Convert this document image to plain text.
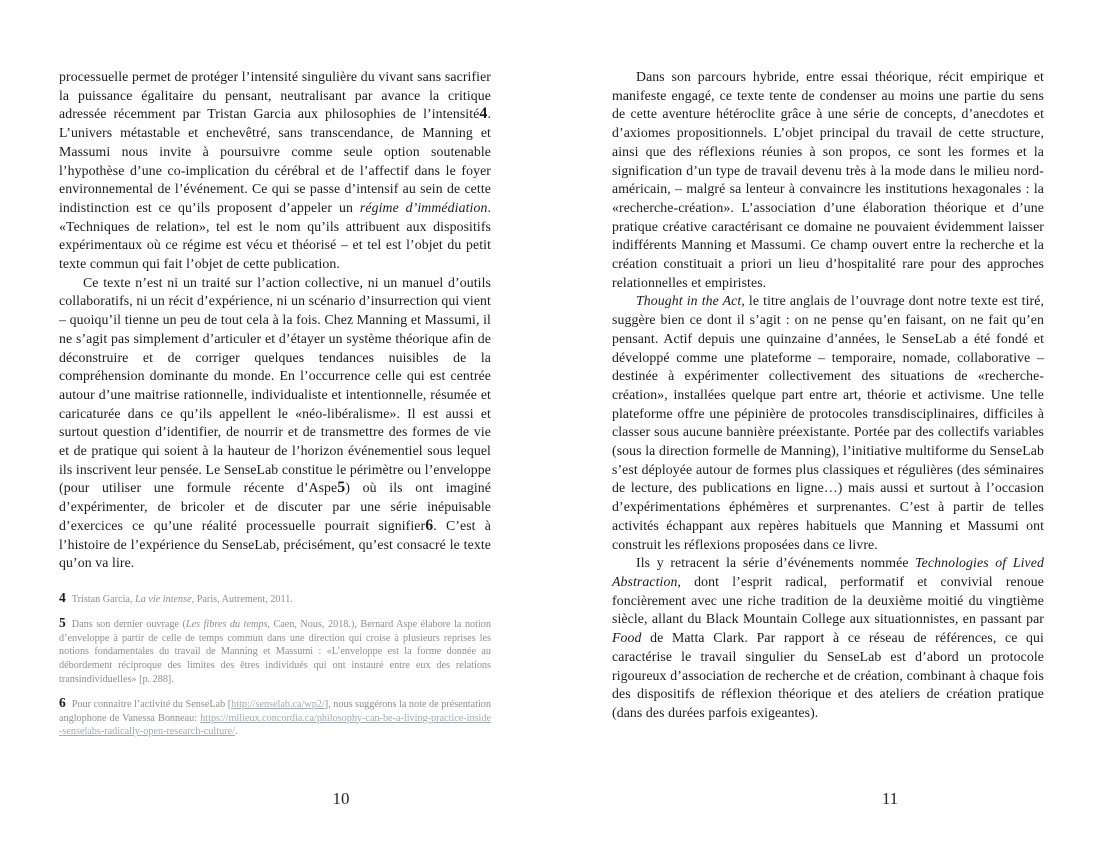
processuelle permet de protéger l’intensité singulière du vivant sans sacrifier la puissance égalitaire du pensant, neutralisant par avance la critique adressée récemment par Tristan Garcia aux philosophies de l’intensité4. L’univers métastable et enchevêtré, sans transcendance, de Manning et Massumi nous invite à poursuivre comme seule option soutenable l’hypothèse d’une co-implication du cérébral et de l’affectif dans le foyer environnemental de l’événement. Ce qui se passe d’intensif au sein de cette indistinction est ce qu’ils proposent d’appeler un régime d’immédiation. «Techniques de relation», tel est le nom qu’ils attribuent aux dispositifs expérimentaux où ce régime est vécu et théorisé – et tel est l’objet du petit texte commun qui fait l’objet de cette publication.

Ce texte n’est ni un traité sur l’action collective, ni un manuel d’outils collaboratifs, ni un récit d’expérience, ni un scénario d’insurrection qui vient – quoiqu’il tienne un peu de tout cela à la fois. Chez Manning et Massumi, il ne s’agit pas simplement d’articuler et d’étayer un système théorique afin de déconstruire et de corriger quelques tendances nuisibles de la compréhension dominante du monde. En l’occurrence celle qui est centrée autour d’une maitrise rationnelle, individualiste et intentionnelle, résumée et caricaturée dans ce qu’ils appellent le «néo-libéralisme». Il est aussi et surtout question d’identifier, de nourrir et de transmettre des formes de vie et de pratique qui soient à la hauteur de l’horizon événementiel sous lequel ils inscrivent leur pensée. Le SenseLab constitue le périmètre ou l’enveloppe (pour utiliser une formule récente d’Aspe5) où ils ont imaginé d’expérimenter, de bricoler et de discuter par une série inépuisable d’exercices ce qu’une réalité processuelle pourrait signifier6. C’est à l’histoire de l’expérience du SenseLab, précisément, qu’est consacré le texte qu’on va lire.

4 Tristan Garcia, La vie intense, Paris, Autrement, 2011.
5 Dans son dernier ouvrage (Les fibres du temps, Caen, Nous, 2018.), Bernard Aspe élabore la notion d’enveloppe à partir de celle de temps commun dans une direction qui croise à plusieurs reprises les notions fondamentales du travail de Manning et Massumi : «L’enveloppe est la forme donnée au débordement réciproque des limites des êtres individués qui ont instauré entre eux des relations transindividuelles» [p. 288].
6 Pour connaitre l’activité du SenseLab [http://senselab.ca/wp2/], nous suggérons la note de présentation anglophone de Vanessa Bonneau: https://milieux.concordia.ca/philosophy-can-be-a-living-practice-inside-senselabs-radically-open-research-culture/.

Dans son parcours hybride, entre essai théorique, récit empirique et manifeste engagé, ce texte tente de condenser au moins une partie du sens de cette aventure hétéroclite grâce à une série de concepts, d’anecdotes et d’axiomes propositionnels. L’objet principal du travail de cette structure, ainsi que des réflexions réunies à son propos, ce sont les formes et la signification d’un type de travail devenu très à la mode dans le milieu nord-américain, – malgré sa lenteur à convaincre les institutions hexagonales : la «recherche-création». L’association d’une élaboration théorique et d’une pratique créative caractérisant ce domaine ne pouvaient évidemment laisser indifférents Manning et Massumi. Ce champ ouvert entre la recherche et la création constituait a priori un lieu d’hospitalité rare pour des approches relationnelles et empiristes.

Thought in the Act, le titre anglais de l’ouvrage dont notre texte est tiré, suggère bien ce dont il s’agit : on ne pense qu’en faisant, on ne fait qu’en pensant. Actif depuis une quinzaine d’années, le SenseLab a été fondé et développé comme une plateforme – temporaire, nomade, collaborative – destinée à expérimenter collectivement des situations de «recherche-création», installées quelque part entre art, théorie et activisme. Une telle plateforme offre une pépinière de protocoles transdisciplinaires, difficiles à classer sous aucune bannière préexistante. Portée par des collectifs variables (sous la direction formelle de Manning), l’initiative multiforme du SenseLab s’est déployée autour de formes plus classiques et régulières (des séminaires de lecture, des publications en ligne…) mais aussi et surtout à l’occasion d’expérimentations éphémères et surprenantes. C’est à partir de telles activités échappant aux repères habituels que Manning et Massumi ont construit les réflexions proposées dans ce livre.

Ils y retracent la série d’événements nommée Technologies of Lived Abstraction, dont l’esprit radical, performatif et convivial renoue foncièrement avec une riche tradition de la deuxième moitié du vingtième siècle, allant du Black Mountain College aux situationnistes, en passant par Food de Matta Clark. Par rapport à ce réseau de références, ce qui caractérise le travail singulier du SenseLab est d’abord un protocole rigoureux d’association de recherche et de création, combinant à chaque fois des dispositifs de réflexion théorique et des ateliers de création pratique (dans des durées parfois exigeantes).

10	11
